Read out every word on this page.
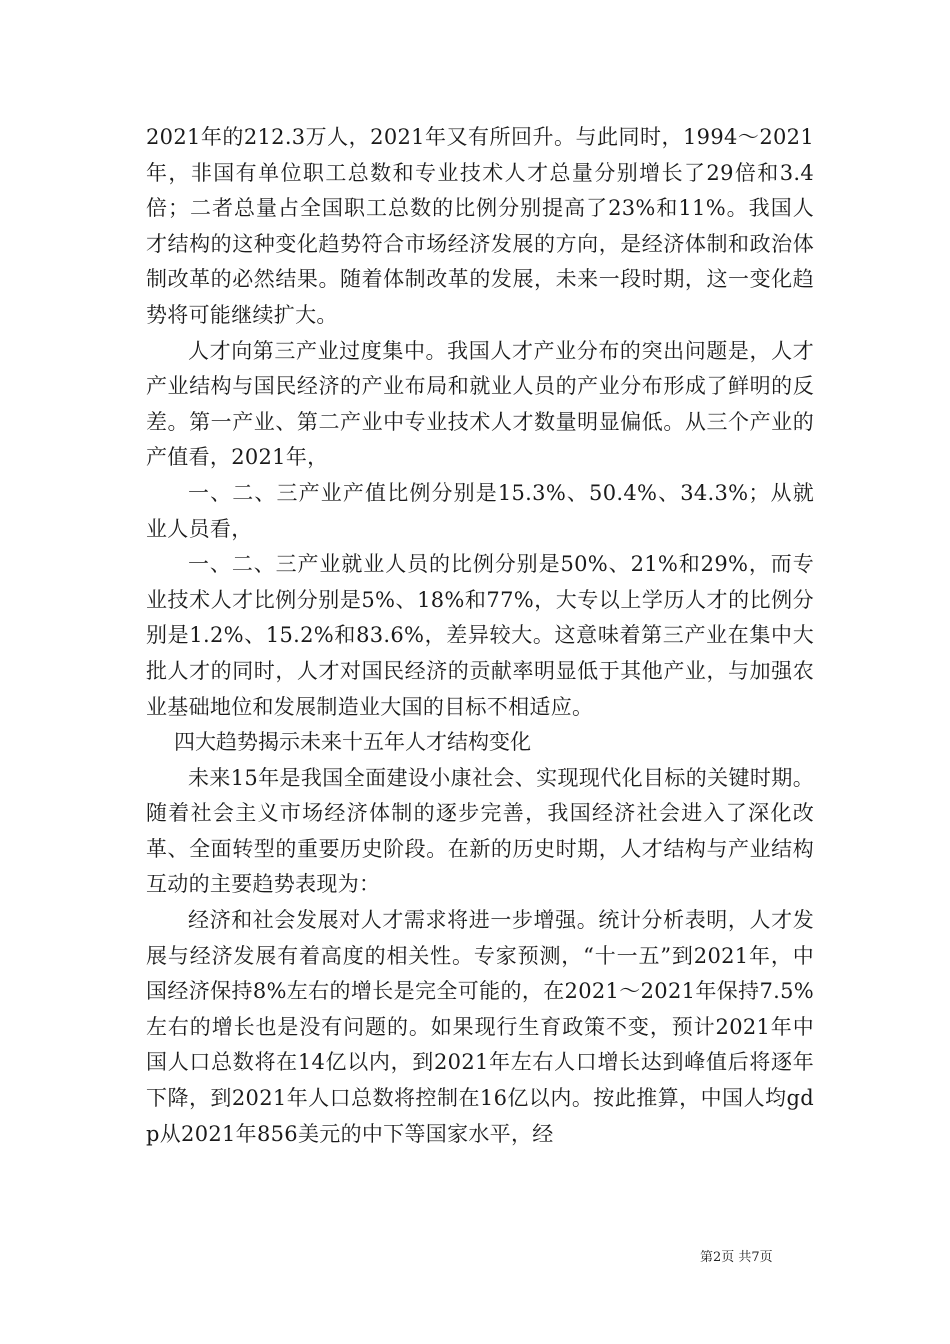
2021年的212.3万人，2021年又有所回升。与此同时，1994～2021年，非国有单位职工总数和专业技术人才总量分别增长了29倍和3.4倍；二者总量占全国职工总数的比例分别提高了23%和11%。我国人才结构的这种变化趋势符合市场经济发展的方向，是经济体制和政治体制改革的必然结果。随着体制改革的发展，未来一段时期，这一变化趋势将可能继续扩大。

人才向第三产业过度集中。我国人才产业分布的突出问题是，人才产业结构与国民经济的产业布局和就业人员的产业分布形成了鲜明的反差。第一产业、第二产业中专业技术人才数量明显偏低。从三个产业的产值看，2021年，

一、二、三产业产值比例分别是15.3%、50.4%、34.3%；从就业人员看，

一、二、三产业就业人员的比例分别是50%、21%和29%，而专业技术人才比例分别是5%、18%和77%，大专以上学历人才的比例分别是1.2%、15.2%和83.6%，差异较大。这意味着第三产业在集中大批人才的同时，人才对国民经济的贡献率明显低于其他产业，与加强农业基础地位和发展制造业大国的目标不相适应。

四大趋势揭示未来十五年人才结构变化

未来15年是我国全面建设小康社会、实现现代化目标的关键时期。随着社会主义市场经济体制的逐步完善，我国经济社会进入了深化改革、全面转型的重要历史阶段。在新的历史时期，人才结构与产业结构互动的主要趋势表现为：

经济和社会发展对人才需求将进一步增强。统计分析表明，人才发展与经济发展有着高度的相关性。专家预测，“十一五”到2021年，中国经济保持8%左右的增长是完全可能的，在2021～2021年保持7.5%左右的增长也是没有问题的。如果现行生育政策不变，预计2021年中国人口总数将在14亿以内，到2021年左右人口增长达到峰值后将逐年下降，到2021年人口总数将控制在16亿以内。按此推算，中国人均gdp从2021年856美元的中下等国家水平，经

第2页 共7页
